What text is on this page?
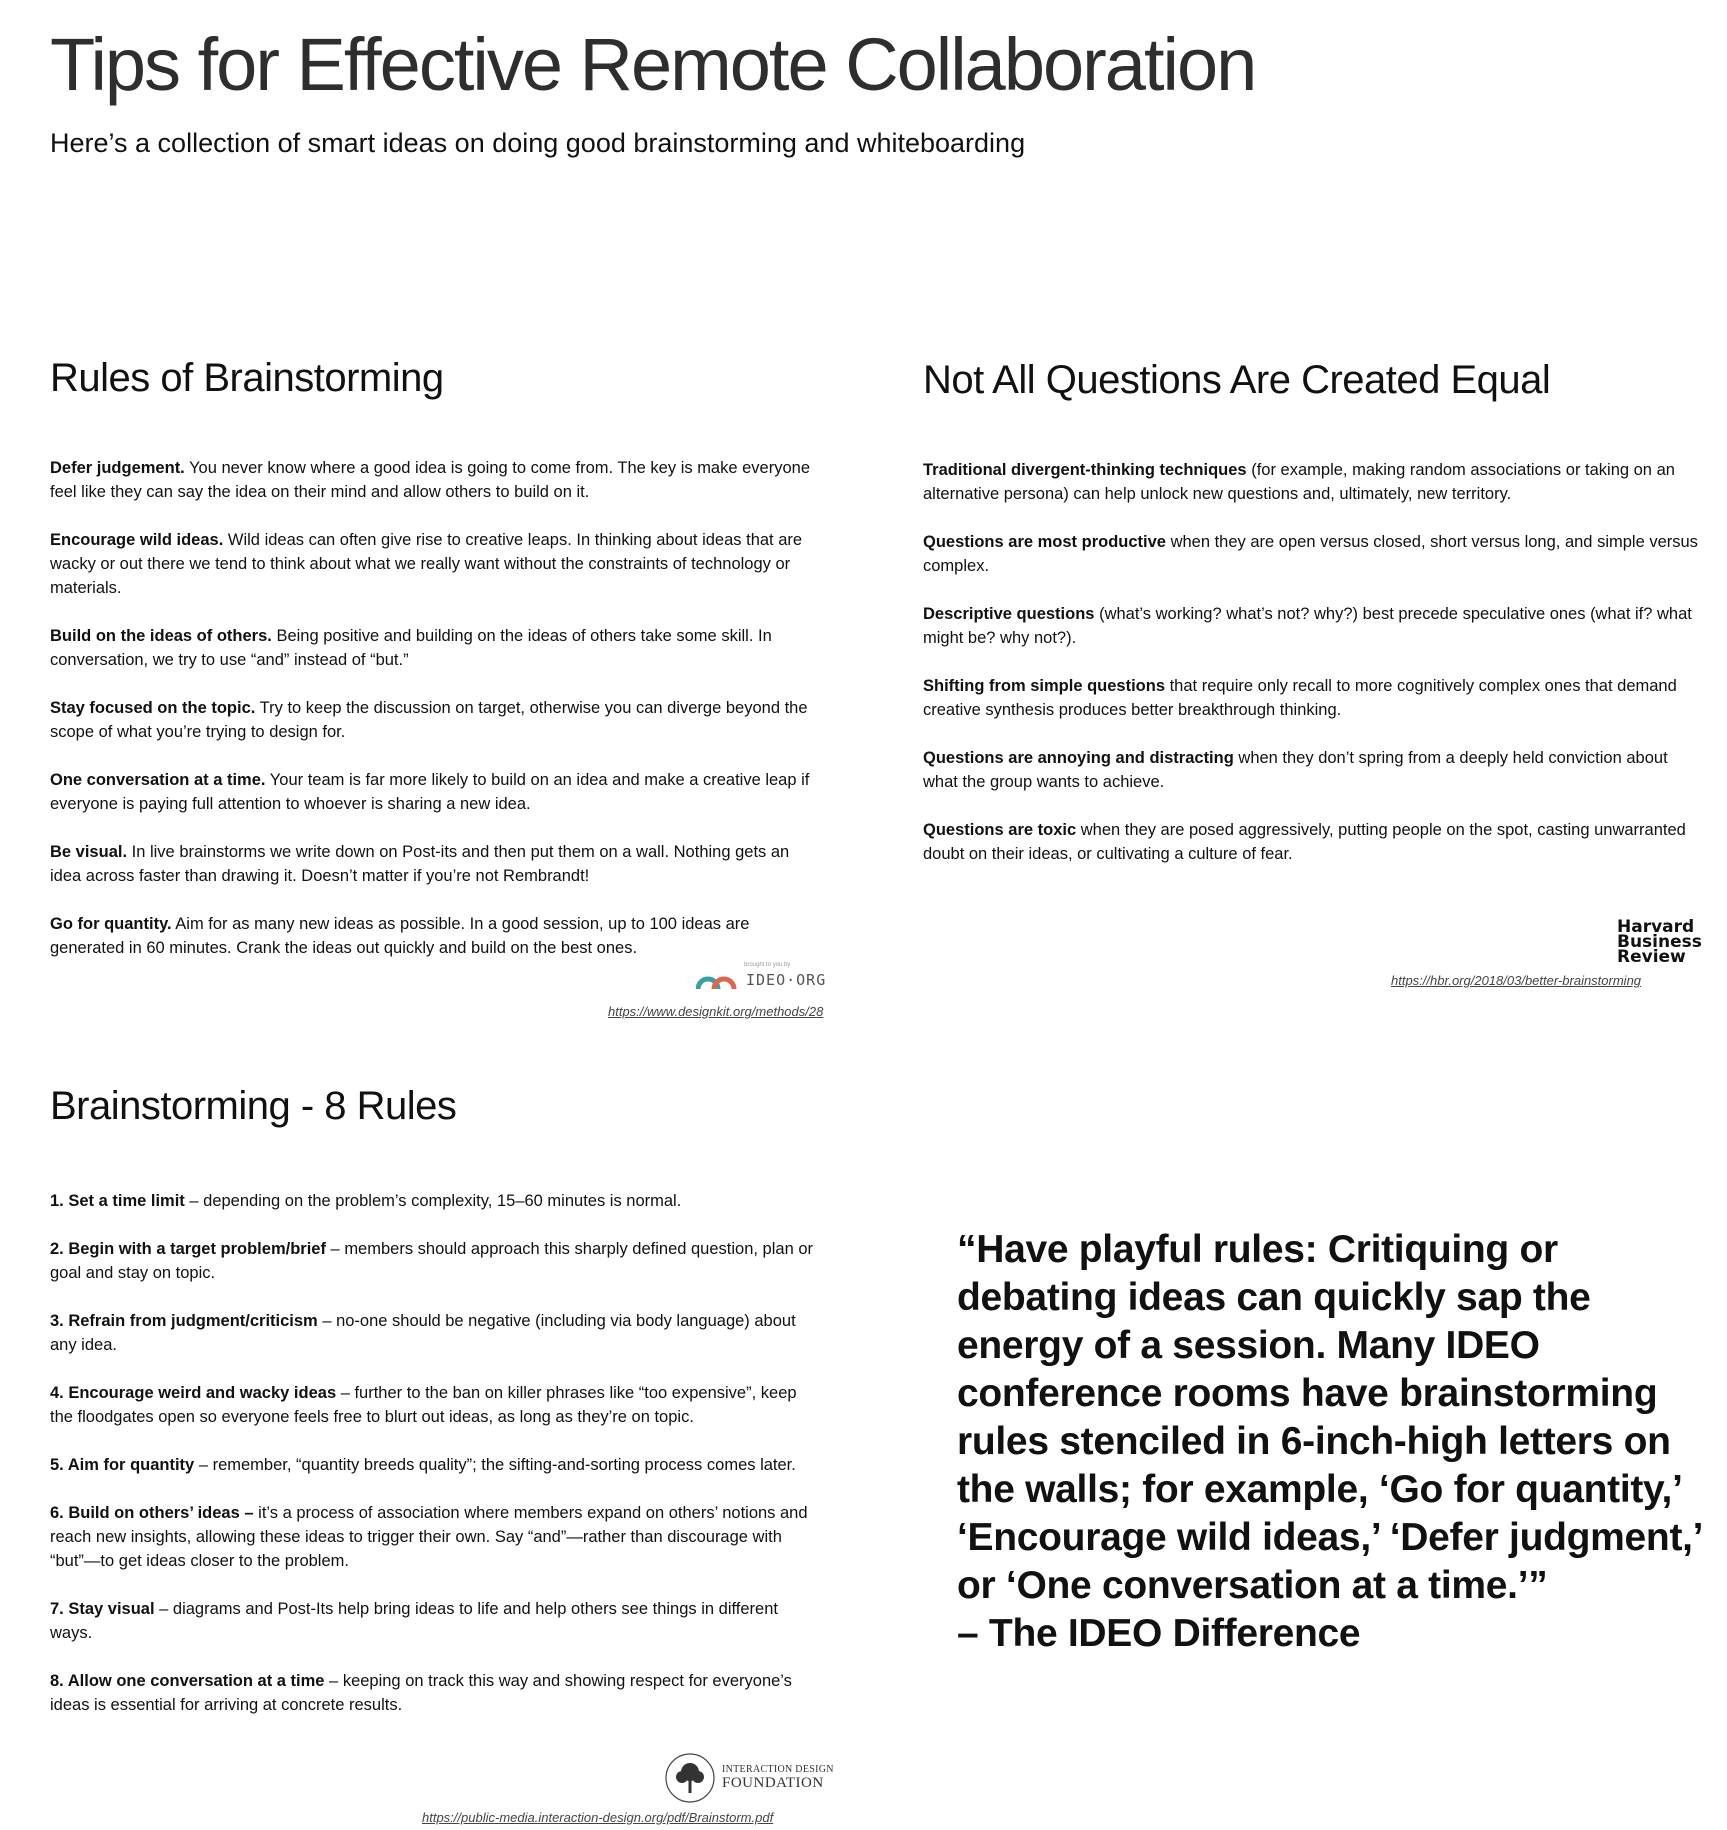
Tips for Effective Remote Collaboration
Here’s a collection of smart ideas on doing good brainstorming and whiteboarding
Rules of Brainstorming
Defer judgement. You never know where a good idea is going to come from. The key is make everyone feel like they can say the idea on their mind and allow others to build on it.
Encourage wild ideas. Wild ideas can often give rise to creative leaps. In thinking about ideas that are wacky or out there we tend to think about what we really want without the constraints of technology or materials.
Build on the ideas of others. Being positive and building on the ideas of others take some skill. In conversation, we try to use “and” instead of “but.”
Stay focused on the topic. Try to keep the discussion on target, otherwise you can diverge beyond the scope of what you’re trying to design for.
One conversation at a time. Your team is far more likely to build on an idea and make a creative leap if everyone is paying full attention to whoever is sharing a new idea.
Be visual. In live brainstorms we write down on Post-its and then put them on a wall. Nothing gets an idea across faster than drawing it. Doesn’t matter if you’re not Rembrandt!
Go for quantity. Aim for as many new ideas as possible. In a good session, up to 100 ideas are generated in 60 minutes. Crank the ideas out quickly and build on the best ones.
brought to you by
IDEO·ORG
https://www.designkit.org/methods/28
Not All Questions Are Created Equal
Traditional divergent-thinking techniques (for example, making random associations or taking on an alternative persona) can help unlock new questions and, ultimately, new territory.
Questions are most productive when they are open versus closed, short versus long, and simple versus complex.
Descriptive questions (what’s working? what’s not? why?) best precede speculative ones (what if? what might be? why not?).
Shifting from simple questions that require only recall to more cognitively complex ones that demand creative synthesis produces better breakthrough thinking.
Questions are annoying and distracting when they don’t spring from a deeply held conviction about what the group wants to achieve.
Questions are toxic when they are posed aggressively, putting people on the spot, casting unwarranted doubt on their ideas, or cultivating a culture of fear.
Harvard
Business
Review
https://hbr.org/2018/03/better-brainstorming
Brainstorming - 8 Rules
1. Set a time limit – depending on the problem’s complexity, 15–60 minutes is normal.
2. Begin with a target problem/brief – members should approach this sharply defined question, plan or goal and stay on topic.
3. Refrain from judgment/criticism – no-one should be negative (including via body language) about any idea.
4. Encourage weird and wacky ideas – further to the ban on killer phrases like “too expensive”, keep the floodgates open so everyone feels free to blurt out ideas, as long as they’re on topic.
5. Aim for quantity – remember, “quantity breeds quality”; the sifting-and-sorting process comes later.
6. Build on others’ ideas – it’s a process of association where members expand on others’ notions and reach new insights, allowing these ideas to trigger their own. Say “and”—rather than discourage with “but”—to get ideas closer to the problem.
7. Stay visual – diagrams and Post-Its help bring ideas to life and help others see things in different ways.
8. Allow one conversation at a time – keeping on track this way and showing respect for everyone’s ideas is essential for arriving at concrete results.
INTERACTION DESIGN
FOUNDATION
https://public-media.interaction-design.org/pdf/Brainstorm.pdf
“Have playful rules: Critiquing or debating ideas can quickly sap the energy of a session. Many IDEO conference rooms have brainstorming rules stenciled in 6-inch-high letters on the walls; for example, ‘Go for quantity,’ ‘Encourage wild ideas,’ ‘Defer judgment,’ or ‘One conversation at a time.’”
– The IDEO Difference
